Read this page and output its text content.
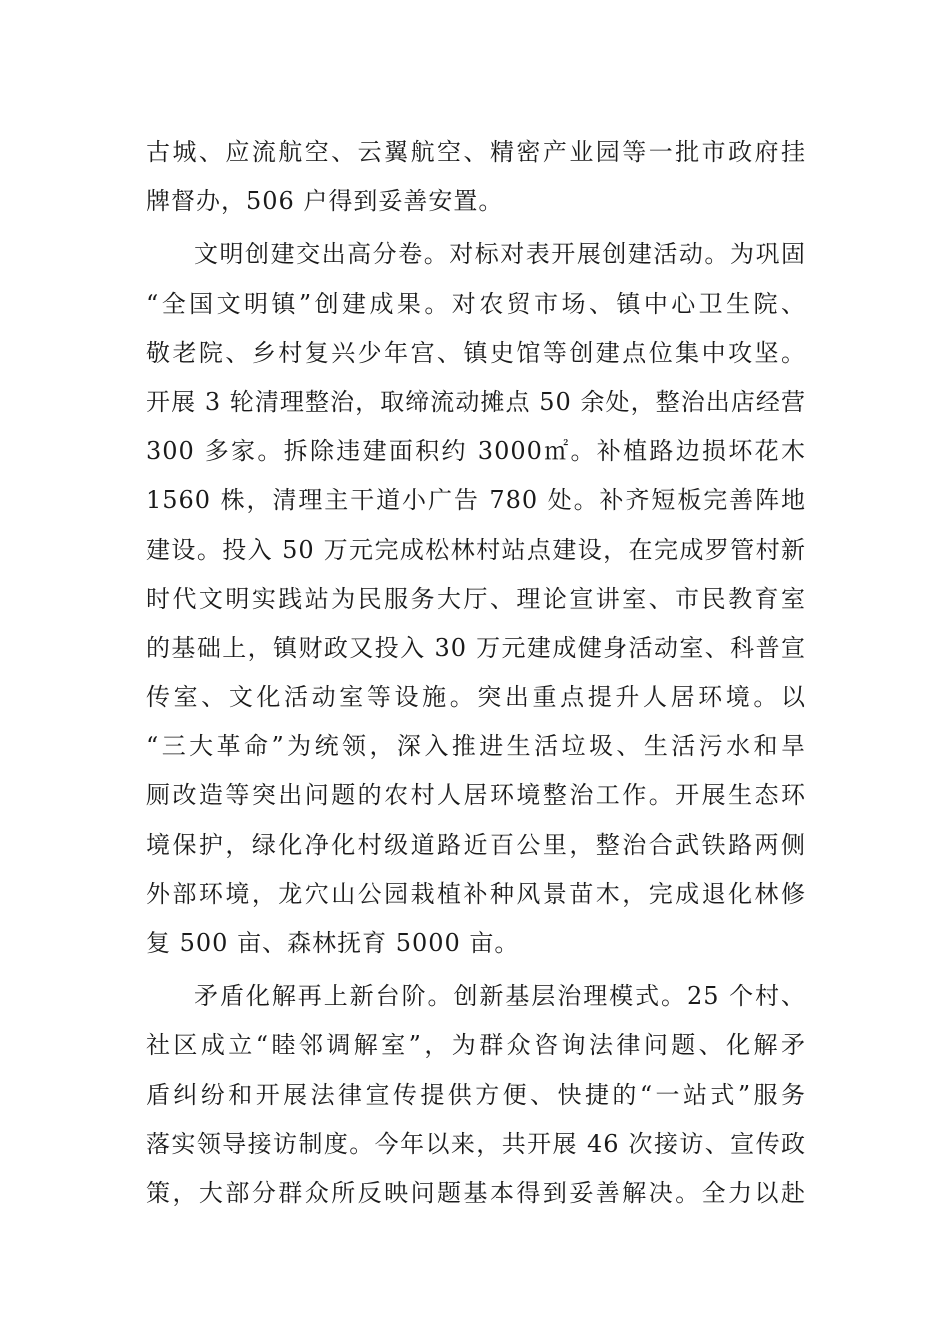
古城、应流航空、云翼航空、精密产业园等一批市政府挂
牌督办，506 户得到妥善安置。
文明创建交出高分卷。对标对表开展创建活动。为巩固
“全国文明镇”创建成果。对农贸市场、镇中心卫生院、
敬老院、乡村复兴少年宫、镇史馆等创建点位集中攻坚。
开展 3 轮清理整治，取缔流动摊点 50 余处，整治出店经营
300 多家。拆除违建面积约 3000㎡。补植路边损坏花木
1560 株，清理主干道小广告 780 处。补齐短板完善阵地
建设。投入 50 万元完成松林村站点建设，在完成罗管村新
时代文明实践站为民服务大厅、理论宣讲室、市民教育室
的基础上，镇财政又投入 30 万元建成健身活动室、科普宣
传室、文化活动室等设施。突出重点提升人居环境。以
“三大革命”为统领，深入推进生活垃圾、生活污水和旱
厕改造等突出问题的农村人居环境整治工作。开展生态环
境保护，绿化净化村级道路近百公里，整治合武铁路两侧
外部环境，龙穴山公园栽植补种风景苗木，完成退化林修
复 500 亩、森林抚育 5000 亩。
矛盾化解再上新台阶。创新基层治理模式。25 个村、
社区成立“睦邻调解室”，为群众咨询法律问题、化解矛
盾纠纷和开展法律宣传提供方便、快捷的“一站式”服务
落实领导接访制度。今年以来，共开展 46 次接访、宣传政
策，大部分群众所反映问题基本得到妥善解决。全力以赴
